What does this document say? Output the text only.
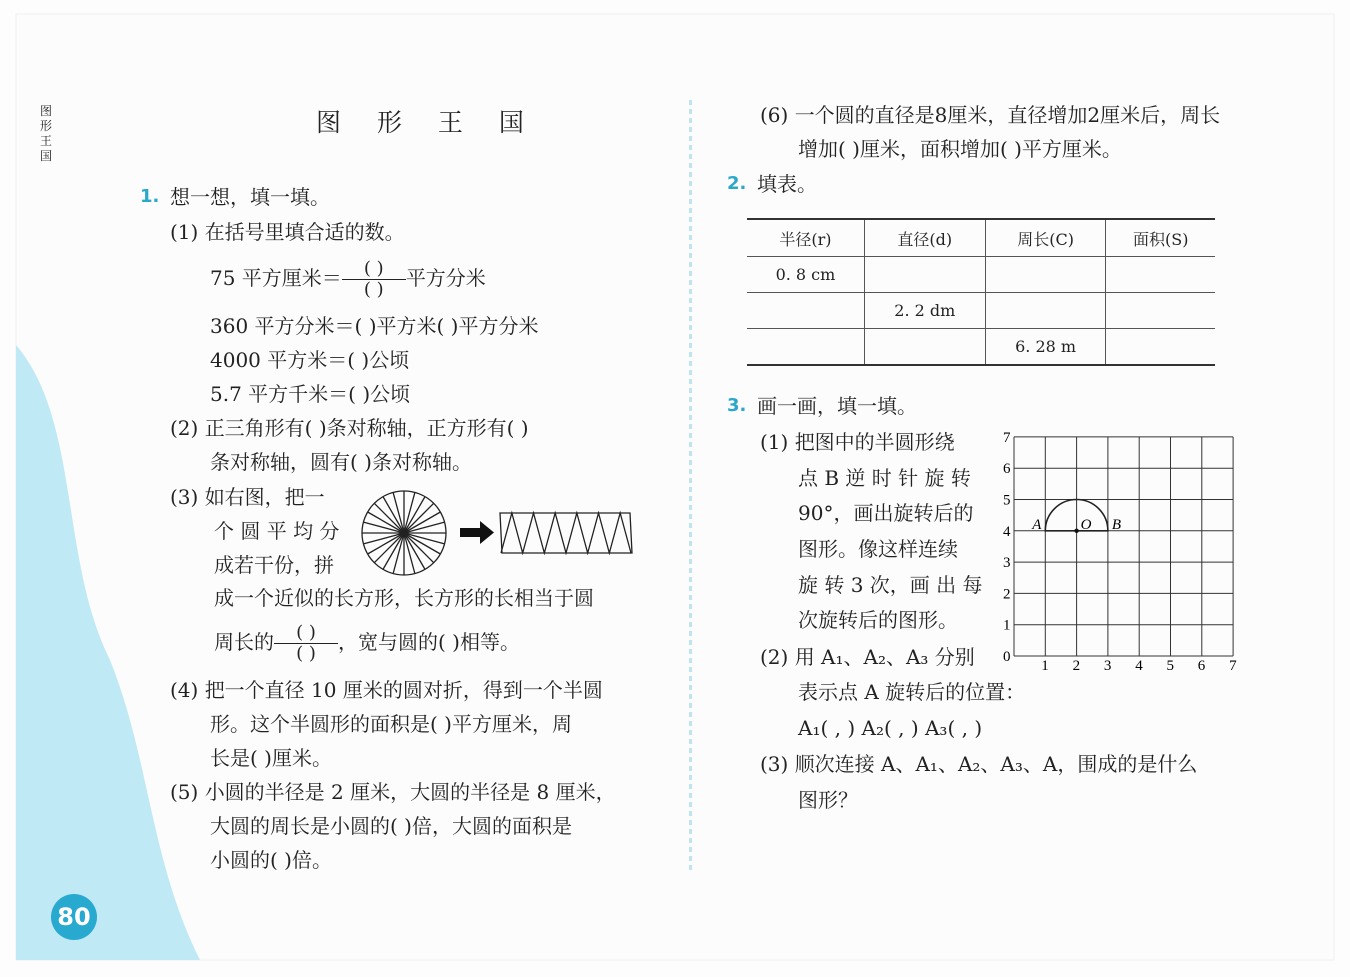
图形王国
图 形 王 国
80
1. 想一想，填一填。
(1) 在括号里填合适的数。
75 平方厘米＝ $\frac{( )}{( )}$ 平方分米
360 平方分米＝( )平方米( )平方分米
4000 平方米＝( )公顷
5.7 平方千米＝( )公顷
(2) 正三角形有( )条对称轴，正方形有( )
条对称轴，圆有( )条对称轴。
(3) 如右图，把一
个 圆 平 均 分
成若干份，拼
成一个近似的长方形，长方形的长相当于圆
周长的 $\frac{( )}{( )}$ ，宽与圆的( )相等。
(4) 把一个直径 10 厘米的圆对折，得到一个半圆
形。这个半圆形的面积是( )平方厘米，周
长是( )厘米。
(5) 小圆的半径是 2 厘米，大圆的半径是 8 厘米，
大圆的周长是小圆的( )倍，大圆的面积是
小圆的( )倍。
(6) 一个圆的直径是8厘米，直径增加2厘米后，周长
增加( )厘米，面积增加( )平方厘米。
2. 填表。
半径(r)	直径(d)	周长(C)	面积(S)
0. 8 cm			
	2. 2 dm		
		6. 28 m	
3. 画一画，填一填。
(1) 把图中的半圆形绕
点 B 逆 时 针 旋 转
90°，画出旋转后的
图形。像这样连续
旋 转 3 次，画 出 每
次旋转后的图形。
(2) 用 A₁、A₂、A₃ 分别
表示点 A 旋转后的位置：
A₁( , ) A₂( , ) A₃( , )
(3) 顺次连接 A、A₁、A₂、A₃、A，围成的是什么
图形？
0
1 2 3 4 5 6 7
1
2
3
4
5
6
7
A	O B
